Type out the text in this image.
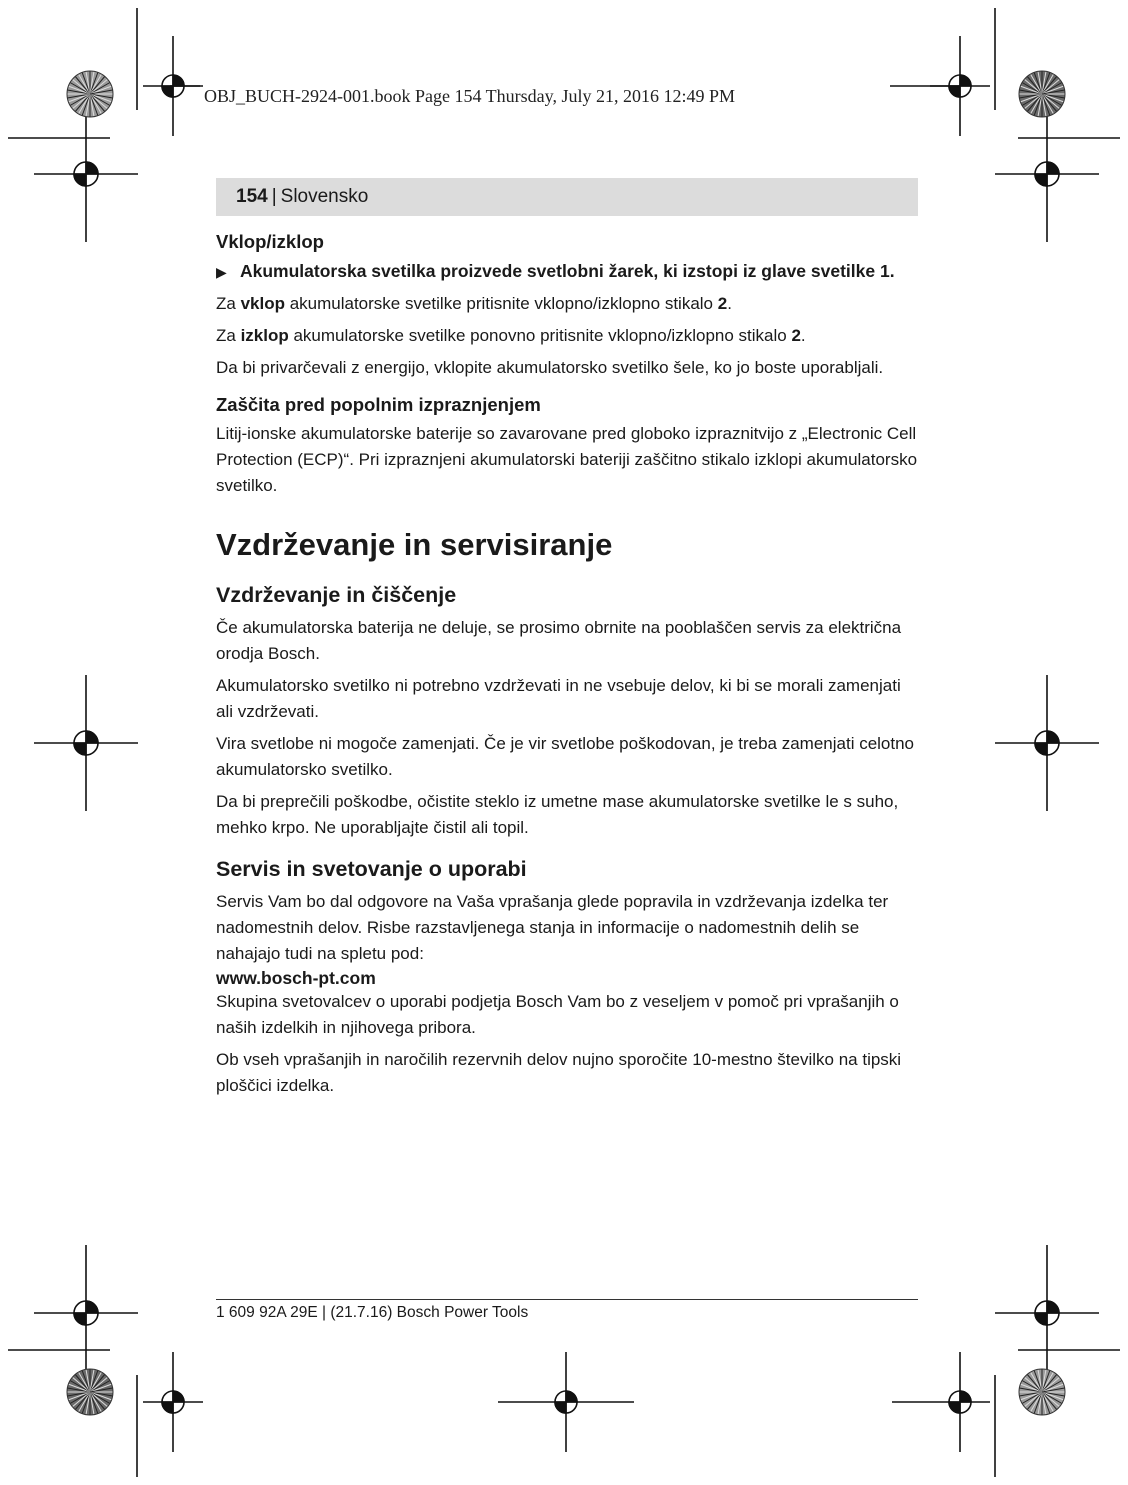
OBJ_BUCH-2924-001.book Page 154 Thursday, July 21, 2016 12:49 PM
154 | Slovensko
Vklop/izklop
▶ Akumulatorska svetilka proizvede svetlobni žarek, ki izstopi iz glave svetilke 1.

Za vklop akumulatorske svetilke pritisnite vklopno/izklopno stikalo 2.

Za izklop akumulatorske svetilke ponovno pritisnite vklopno/izklopno stikalo 2.

Da bi privarčevali z energijo, vklopite akumulatorsko svetilko šele, ko jo boste uporabljali.

Zaščita pred popolnim izpraznjenjem

Litij-ionske akumulatorske baterije so zavarovane pred globoko izpraznitvijo z „Electronic Cell Protection (ECP)“. Pri izpraznjeni akumulatorski bateriji zaščitno stikalo izklopi akumulatorsko svetilko.

Vzdrževanje in servisiranje
Vzdrževanje in čiščenje

Če akumulatorska baterija ne deluje, se prosimo obrnite na pooblaščen servis za električna orodja Bosch.

Akumulatorsko svetilko ni potrebno vzdrževati in ne vsebuje delov, ki bi se morali zamenjati ali vzdrževati.

Vira svetlobe ni mogoče zamenjati. Če je vir svetlobe poškodovan, je treba zamenjati celotno akumulatorsko svetilko.

Da bi preprečili poškodbe, očistite steklo iz umetne mase akumulatorske svetilke le s suho, mehko krpo. Ne uporabljajte čistil ali topil.

Servis in svetovanje o uporabi

Servis Vam bo dal odgovore na Vaša vprašanja glede popravila in vzdrževanja izdelka ter nadomestnih delov. Risbe razstavljenega stanja in informacije o nadomestnih delih se nahajajo tudi na spletu pod:

www.bosch-pt.com

Skupina svetovalcev o uporabi podjetja Bosch Vam bo z veseljem v pomoč pri vprašanjih o naših izdelkih in njihovega pribora.

Ob vseh vprašanjih in naročilih rezervnih delov nujno sporočite 10-mestno številko na tipski ploščici izdelka.

1 609 92A 29E | (21.7.16) Bosch Power Tools
